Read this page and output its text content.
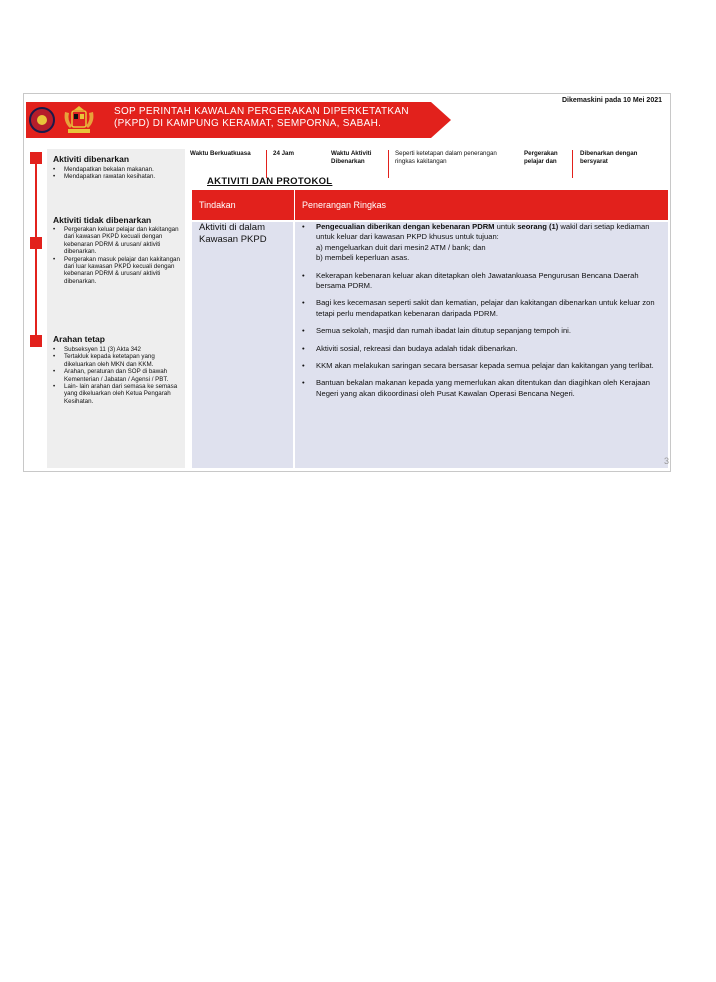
SOP PERINTAH KAWALAN PERGERAKAN DIPERKETATKAN
(PKPD) DI KAMPUNG KERAMAT, SEMPORNA, SABAH.
Dikemaskini pada 10 Mei 2021
Aktiviti dibenarkan
• Mendapatkan bekalan makanan.
• Mendapatkan rawatan kesihatan.
Aktiviti tidak dibenarkan
• Pergerakan keluar pelajar dan kakitangan dari kawasan PKPD kecuali dengan kebenaran PDRM & urusan/ aktiviti dibenarkan.
• Pergerakan masuk pelajar dan kakitangan dari luar kawasan PKPD kecuali dengan kebenaran PDRM & urusan/ aktiviti dibenarkan.
Arahan tetap
• Subseksyen 11 (3) Akta 342
• Tertakluk kepada ketetapan yang dikeluarkan oleh MKN dan KKM.
• Arahan, peraturan dan SOP di bawah Kementerian / Jabatan / Agensi / PBT.
• Lain- lain arahan dari semasa ke semasa yang dikeluarkan oleh Ketua Pengarah Kesihatan.
Waktu Berkuatkuasa	24 Jam	Waktu Aktiviti Dibenarkan
Seperti ketetapan dalam penerangan ringkas kakitangan
Pergerakan pelajar dan
Dibenarkan dengan bersyarat
AKTIVITI DAN PROTOKOL
Tindakan	Penerangan Ringkas
Aktiviti di dalam Kawasan PKPD
• Pengecualian diberikan dengan kebenaran PDRM untuk seorang (1) wakil dari setiap kediaman untuk keluar dari kawasan PKPD khusus untuk tujuan:
a) mengeluarkan duit dari mesin2 ATM / bank; dan
b) membeli keperluan asas.
• Kekerapan kebenaran keluar akan ditetapkan oleh Jawatankuasa Pengurusan Bencana Daerah bersama PDRM.
• Bagi kes kecemasan seperti sakit dan kematian, pelajar dan kakitangan dibenarkan untuk keluar zon tetapi perlu mendapatkan kebenaran daripada PDRM.
• Semua sekolah, masjid dan rumah ibadat lain ditutup sepanjang tempoh ini.
• Aktiviti sosial, rekreasi dan budaya adalah tidak dibenarkan.
• KKM akan melakukan saringan secara bersasar kepada semua pelajar dan kakitangan yang terlibat.
• Bantuan bekalan makanan kepada yang memerlukan akan ditentukan dan diagihkan oleh Kerajaan Negeri yang akan dikoordinasi oleh Pusat Kawalan Operasi Bencana Negeri.
3
